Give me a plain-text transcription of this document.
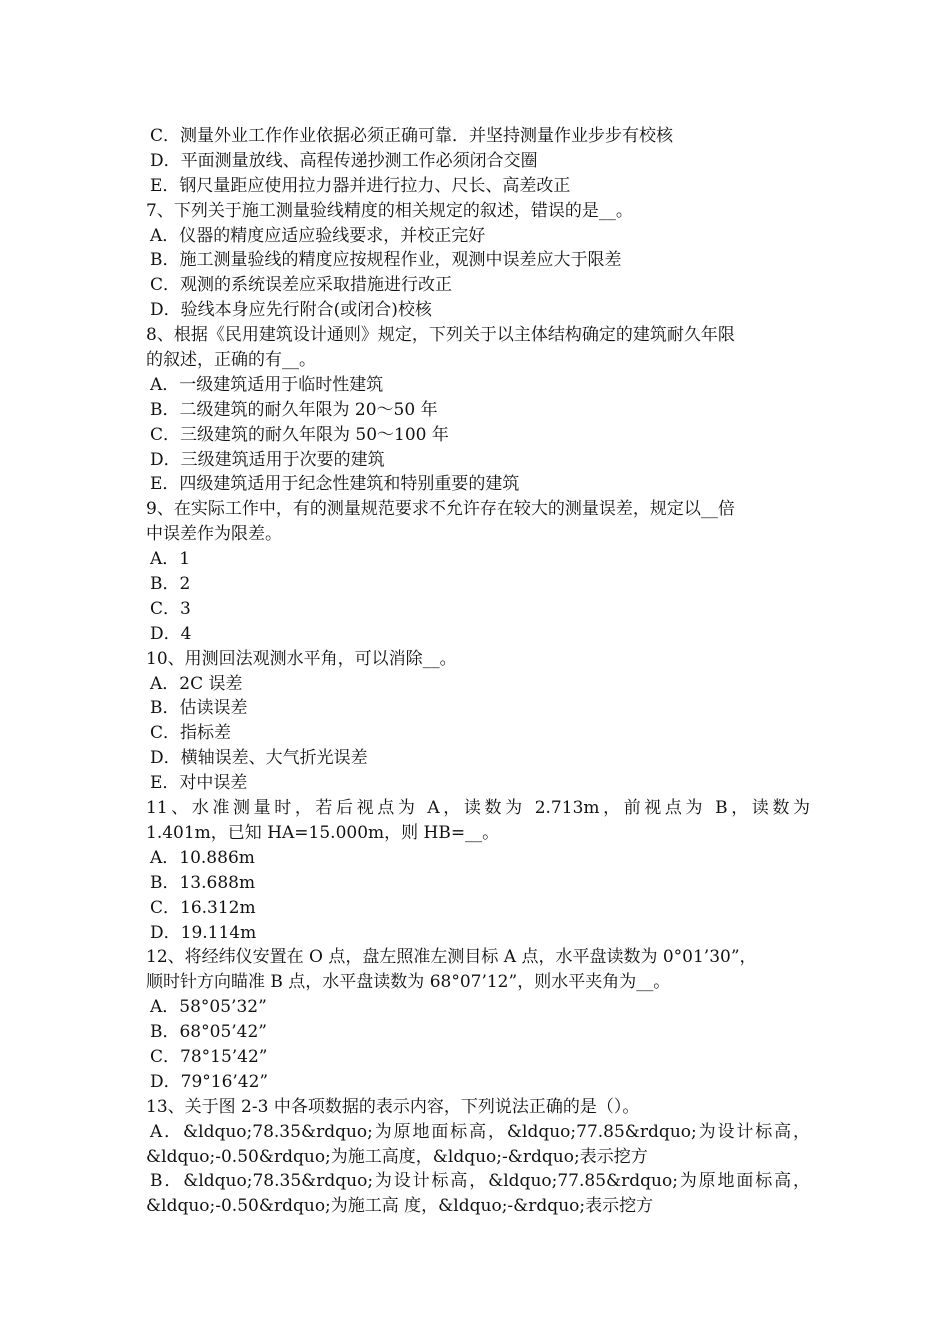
C．测量外业工作作业依据必须正确可靠．并坚持测量作业步步有校核
D．平面测量放线、高程传递抄测工作必须闭合交圈
E．钢尺量距应使用拉力器并进行拉力、尺长、高差改正
7、下列关于施工测量验线精度的相关规定的叙述，错误的是__。
A．仪器的精度应适应验线要求，并校正完好
B．施工测量验线的精度应按规程作业，观测中误差应大于限差
C．观测的系统误差应采取措施进行改正
D．验线本身应先行附合(或闭合)校核
8、根据《民用建筑设计通则》规定，下列关于以主体结构确定的建筑耐久年限
的叙述，正确的有__。
A．一级建筑适用于临时性建筑
B．二级建筑的耐久年限为 20～50 年
C．三级建筑的耐久年限为 50～100 年
D．三级建筑适用于次要的建筑
E．四级建筑适用于纪念性建筑和特别重要的建筑
9、在实际工作中，有的测量规范要求不允许存在较大的测量误差，规定以__倍
中误差作为限差。
A．1
B．2
C．3
D．4
10、用测回法观测水平角，可以消除__。
A．2C 误差
B．估读误差
C．指标差
D．横轴误差、大气折光误差
E．对中误差
11、水准测量时，若后视点为 A，读数为 2.713m，前视点为 B，读数为
1.401m，已知 HA=15.000m，则 HB=__。
A．10.886m
B．13.688m
C．16.312m
D．19.114m
12、将经纬仪安置在 O 点，盘左照准左测目标 A 点，水平盘读数为 0°01’30”，
顺时针方向瞄准 B 点，水平盘读数为 68°07’12”，则水平夹角为__。
A．58°05’32”
B．68°05’42”
C．78°15’42”
D．79°16’42”
13、关于图 2-3 中各项数据的表示内容，下列说法正确的是（）。
A．&ldquo;78.35&rdquo;为原地面标高，&ldquo;77.85&rdquo;为设计标高，
&ldquo;-0.50&rdquo;为施工高度，&ldquo;-&rdquo;表示挖方
B．&ldquo;78.35&rdquo;为设计标高，&ldquo;77.85&rdquo;为原地面标高，
&ldquo;-0.50&rdquo;为施工高 度，&ldquo;-&rdquo;表示挖方
